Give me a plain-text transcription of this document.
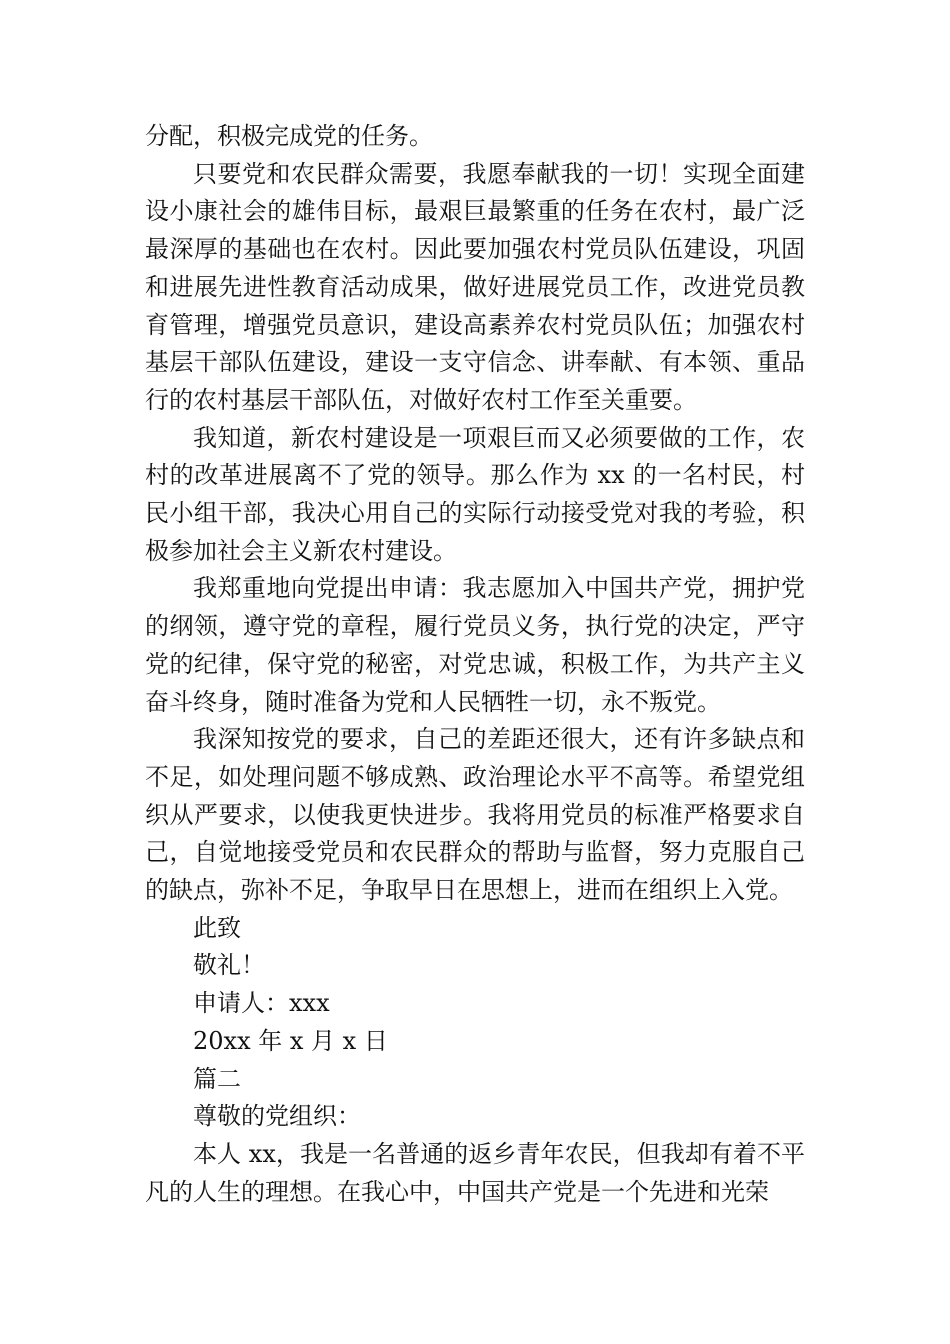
分配，积极完成党的任务。

只要党和农民群众需要，我愿奉献我的一切！实现全面建设小康社会的雄伟目标，最艰巨最繁重的任务在农村，最广泛最深厚的基础也在农村。因此要加强农村党员队伍建设，巩固和进展先进性教育活动成果，做好进展党员工作，改进党员教育管理，增强党员意识，建设高素养农村党员队伍；加强农村基层干部队伍建设，建设一支守信念、讲奉献、有本领、重品行的农村基层干部队伍，对做好农村工作至关重要。

我知道，新农村建设是一项艰巨而又必须要做的工作，农村的改革进展离不了党的领导。那么作为 xx 的一名村民，村民小组干部，我决心用自己的实际行动接受党对我的考验，积极参加社会主义新农村建设。

我郑重地向党提出申请：我志愿加入中国共产党，拥护党的纲领，遵守党的章程，履行党员义务，执行党的决定，严守党的纪律，保守党的秘密，对党忠诚，积极工作，为共产主义奋斗终身，随时准备为党和人民牺牲一切，永不叛党。

我深知按党的要求，自己的差距还很大，还有许多缺点和不足，如处理问题不够成熟、政治理论水平不高等。希望党组织从严要求，以使我更快进步。我将用党员的标准严格要求自己，自觉地接受党员和农民群众的帮助与监督，努力克服自己的缺点，弥补不足，争取早日在思想上，进而在组织上入党。

此致

敬礼！

申请人：xxx

20xx 年 x 月 x 日

篇二

尊敬的党组织：

本人 xx，我是一名普通的返乡青年农民，但我却有着不平凡的人生的理想。在我心中，中国共产党是一个先进和光荣
